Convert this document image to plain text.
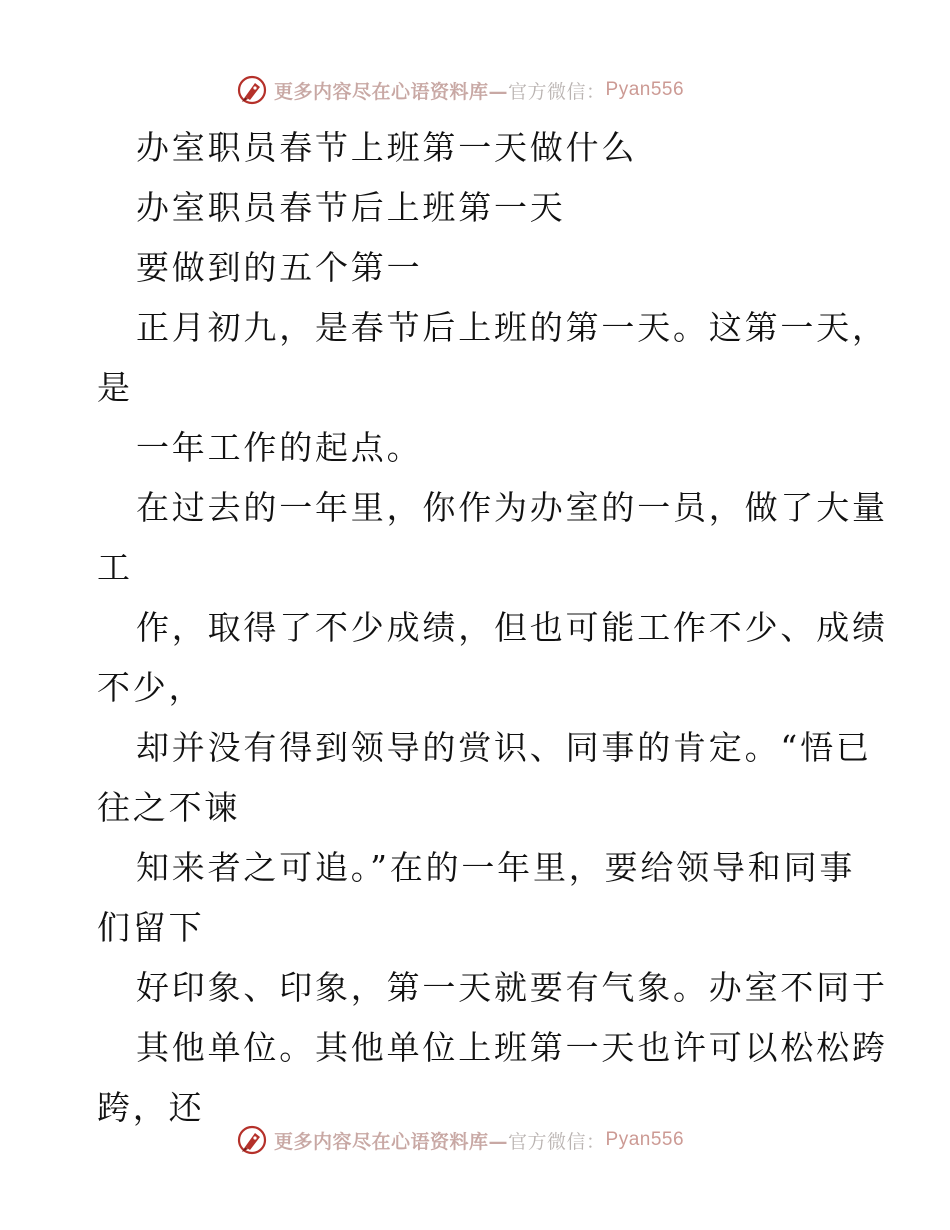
更多内容尽在心语资料库— 官方微信： Pyan556
办室职员春节上班第一天做什么
办室职员春节后上班第一天
要做到的五个第一
正月初九，是春节后上班的第一天。这第一天，
是
一年工作的起点。
在过去的一年里，你作为办室的一员，做了大量
工
作，取得了不少成绩，但也可能工作不少、成绩
不少，
却并没有得到领导的赏识、同事的肯定。“悟已
往之不谏
知来者之可追。”在的一年里，要给领导和同事
们留下
好印象、印象，第一天就要有气象。办室不同于
其他单位。其他单位上班第一天也许可以松松跨
跨，还
更多内容尽在心语资料库— 官方微信： Pyan556
